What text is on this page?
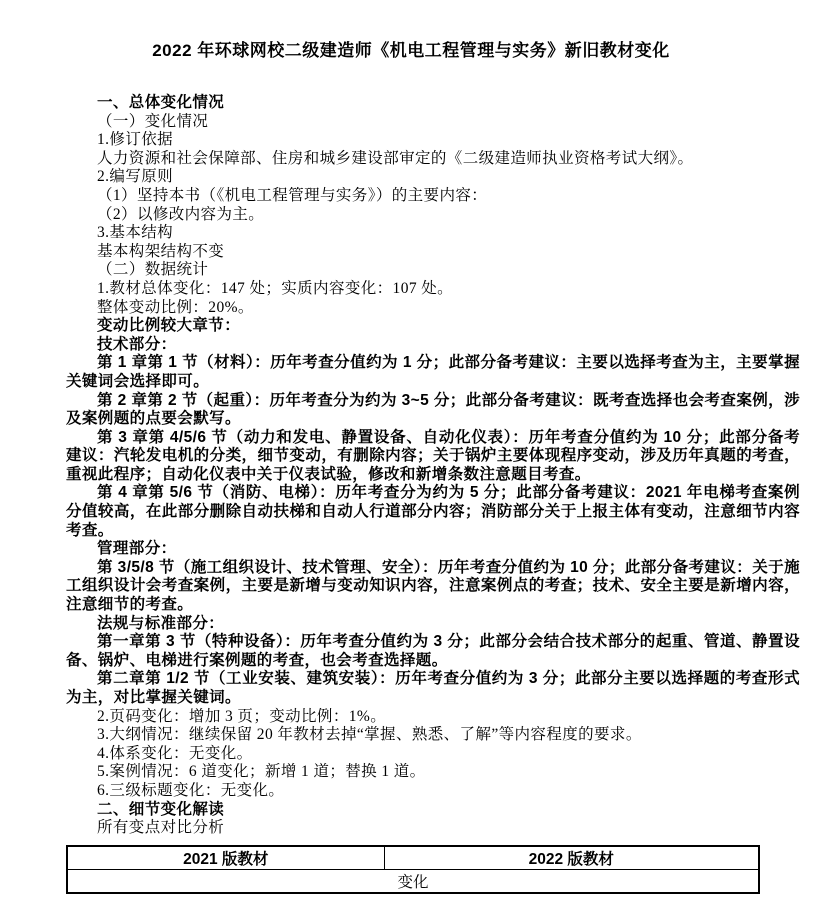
2022 年环球网校二级建造师《机电工程管理与实务》新旧教材变化

一、总体变化情况

（一）变化情况

1.修订依据

人力资源和社会保障部、住房和城乡建设部审定的《二级建造师执业资格考试大纲》。

2.编写原则

（1）坚持本书（《机电工程管理与实务》）的主要内容：

（2）以修改内容为主。

3.基本结构

基本构架结构不变

（二）数据统计

1.教材总体变化：147 处；实质内容变化：107 处。

整体变动比例：20%。

变动比例较大章节：

技术部分：

第 1 章第 1 节（材料）：历年考查分值约为 1 分；此部分备考建议：主要以选择考查为主，主要掌握关键词会选择即可。

第 2 章第 2 节（起重）：历年考查分为约为 3~5 分；此部分备考建议：既考查选择也会考查案例，涉及案例题的点要会默写。

第 3 章第 4/5/6 节（动力和发电、静置设备、自动化仪表）：历年考查分值约为 10 分；此部分备考建议：汽轮发电机的分类，细节变动，有删除内容；关于锅炉主要体现程序变动，涉及历年真题的考查，重视此程序；自动化仪表中关于仪表试验，修改和新增条数注意题目考查。

第 4 章第 5/6 节（消防、电梯）：历年考查分为约为 5 分；此部分备考建议：2021 年电梯考查案例分值较高，在此部分删除自动扶梯和自动人行道部分内容；消防部分关于上报主体有变动，注意细节内容考查。

管理部分：

第 3/5/8 节（施工组织设计、技术管理、安全）：历年考查分值约为 10 分；此部分备考建议：关于施工组织设计会考查案例，主要是新增与变动知识内容，注意案例点的考查；技术、安全主要是新增内容，注意细节的考查。

法规与标准部分：

第一章第 3 节（特种设备）：历年考查分值约为 3 分；此部分会结合技术部分的起重、管道、静置设备、锅炉、电梯进行案例题的考查，也会考查选择题。

第二章第 1/2 节（工业安装、建筑安装）：历年考查分值约为 3 分；此部分主要以选择题的考查形式为主，对比掌握关键词。

2.页码变化：增加 3 页；变动比例：1%。

3.大纲情况：继续保留 20 年教材去掉“掌握、熟悉、了解”等内容程度的要求。

4.体系变化：无变化。

5.案例情况：6 道变化；新增 1 道；替换 1 道。

6.三级标题变化：无变化。

二、细节变化解读

所有变点对比分析

2021 版教材	2022 版教材
变化
